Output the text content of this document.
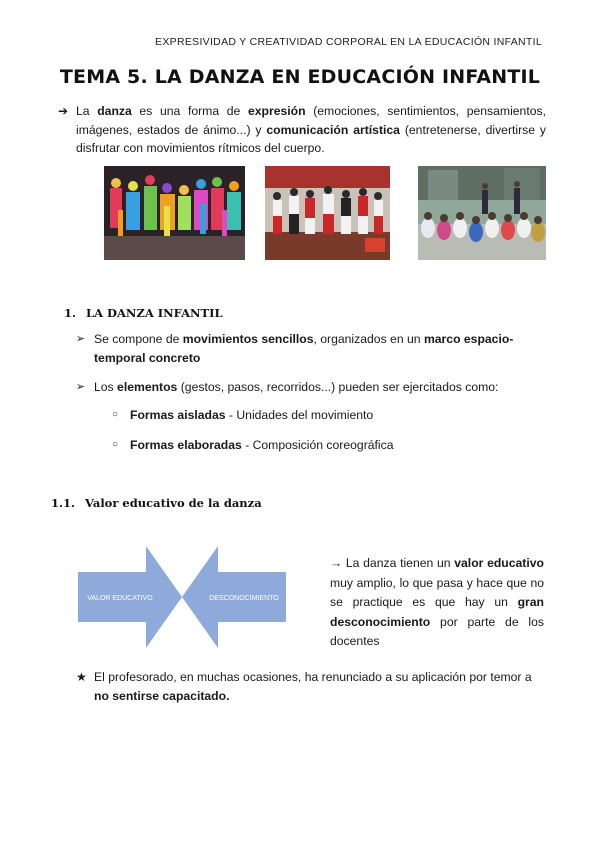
EXPRESIVIDAD Y CREATIVIDAD CORPORAL EN LA EDUCACIÓN INFANTIL
TEMA 5. LA DANZA EN EDUCACIÓN INFANTIL

➔ La danza es una forma de expresión (emociones, sentimientos, pensamientos, imágenes, estados de ánimo...) y comunicación artística (entretenerse, divertirse y disfrutar con movimientos rítmicos del cuerpo.

1. LA DANZA INFANTIL

➢ Se compone de movimientos sencillos, organizados en un marco espacio-temporal concreto

➢ Los elementos (gestos, pasos, recorridos...) pueden ser ejercitados como:

○ Formas aisladas - Unidades del movimiento

○ Formas elaboradas - Composición coreográfica

1.1. Valor educativo de la danza
VALOR EDUCATIVO	DESCONOCIMIENTO

→ La danza tienen un valor educativo muy amplio, lo que pasa y hace que no se practique es que hay un gran desconocimiento por parte de los docentes

★ El profesorado, en muchas ocasiones, ha renunciado a su aplicación por temor a no sentirse capacitado.
